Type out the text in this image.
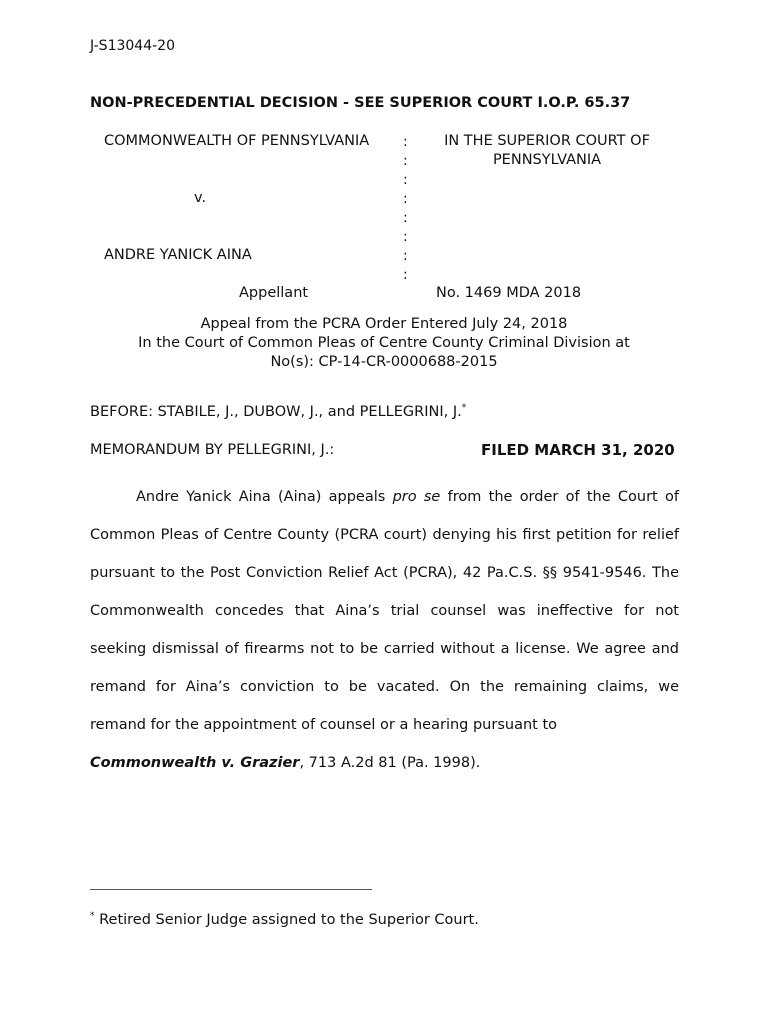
J-S13044-20
NON-PRECEDENTIAL DECISION - SEE SUPERIOR COURT I.O.P. 65.37
COMMONWEALTH OF PENNSYLVANIA
v.
ANDRE YANICK AINA
Appellant
:
:
:
:
:
:
:
:
IN THE SUPERIOR COURT OF
PENNSYLVANIA
No. 1469 MDA 2018
Appeal from the PCRA Order Entered July 24, 2018
In the Court of Common Pleas of Centre County Criminal Division at
No(s): CP-14-CR-0000688-2015
BEFORE: STABILE, J., DUBOW, J., and PELLEGRINI, J.*
MEMORANDUM BY PELLEGRINI, J.:	FILED MARCH 31, 2020
Andre Yanick Aina (Aina) appeals pro se from the order of the Court of Common Pleas of Centre County (PCRA court) denying his first petition for relief pursuant to the Post Conviction Relief Act (PCRA), 42 Pa.C.S. §§ 9541-9546. The Commonwealth concedes that Aina’s trial counsel was ineffective for not seeking dismissal of firearms not to be carried without a license. We agree and remand for Aina’s conviction to be vacated. On the remaining claims, we remand for the appointment of counsel or a hearing pursuant to
Commonwealth v. Grazier, 713 A.2d 81 (Pa. 1998).
* Retired Senior Judge assigned to the Superior Court.
